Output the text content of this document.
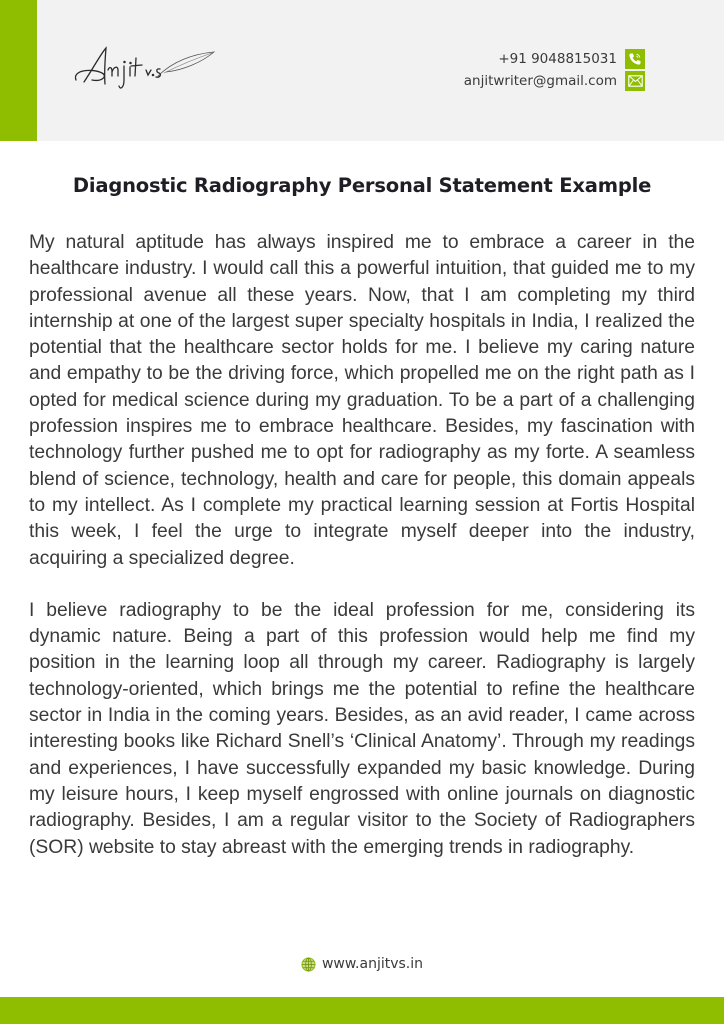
+91 9048815031
anjitwriter@gmail.com
Diagnostic Radiography Personal Statement Example

My natural aptitude has always inspired me to embrace a career in the healthcare industry. I would call this a powerful intuition, that guided me to my professional avenue all these years. Now, that I am completing my third internship at one of the largest super specialty hospitals in India, I realized the potential that the healthcare sector holds for me. I believe my caring nature and empathy to be the driving force, which propelled me on the right path as I opted for medical science during my graduation. To be a part of a challenging profession inspires me to embrace healthcare. Besides, my fascination with technology further pushed me to opt for radiography as my forte. A seamless blend of science, technology, health and care for people, this domain appeals to my intellect. As I complete my practical learning session at Fortis Hospital this week, I feel the urge to integrate myself deeper into the industry, acquiring a specialized degree.

I believe radiography to be the ideal profession for me, considering its dynamic nature. Being a part of this profession would help me find my position in the learning loop all through my career. Radiography is largely technology-oriented, which brings me the potential to refine the healthcare sector in India in the coming years. Besides, as an avid reader, I came across interesting books like Richard Snell’s ‘Clinical Anatomy’. Through my readings and experiences, I have successfully expanded my basic knowledge. During my leisure hours, I keep myself engrossed with online journals on diagnostic radiography. Besides, I am a regular visitor to the Society of Radiographers (SOR) website to stay abreast with the emerging trends in radiography.

www.anjitvs.in
